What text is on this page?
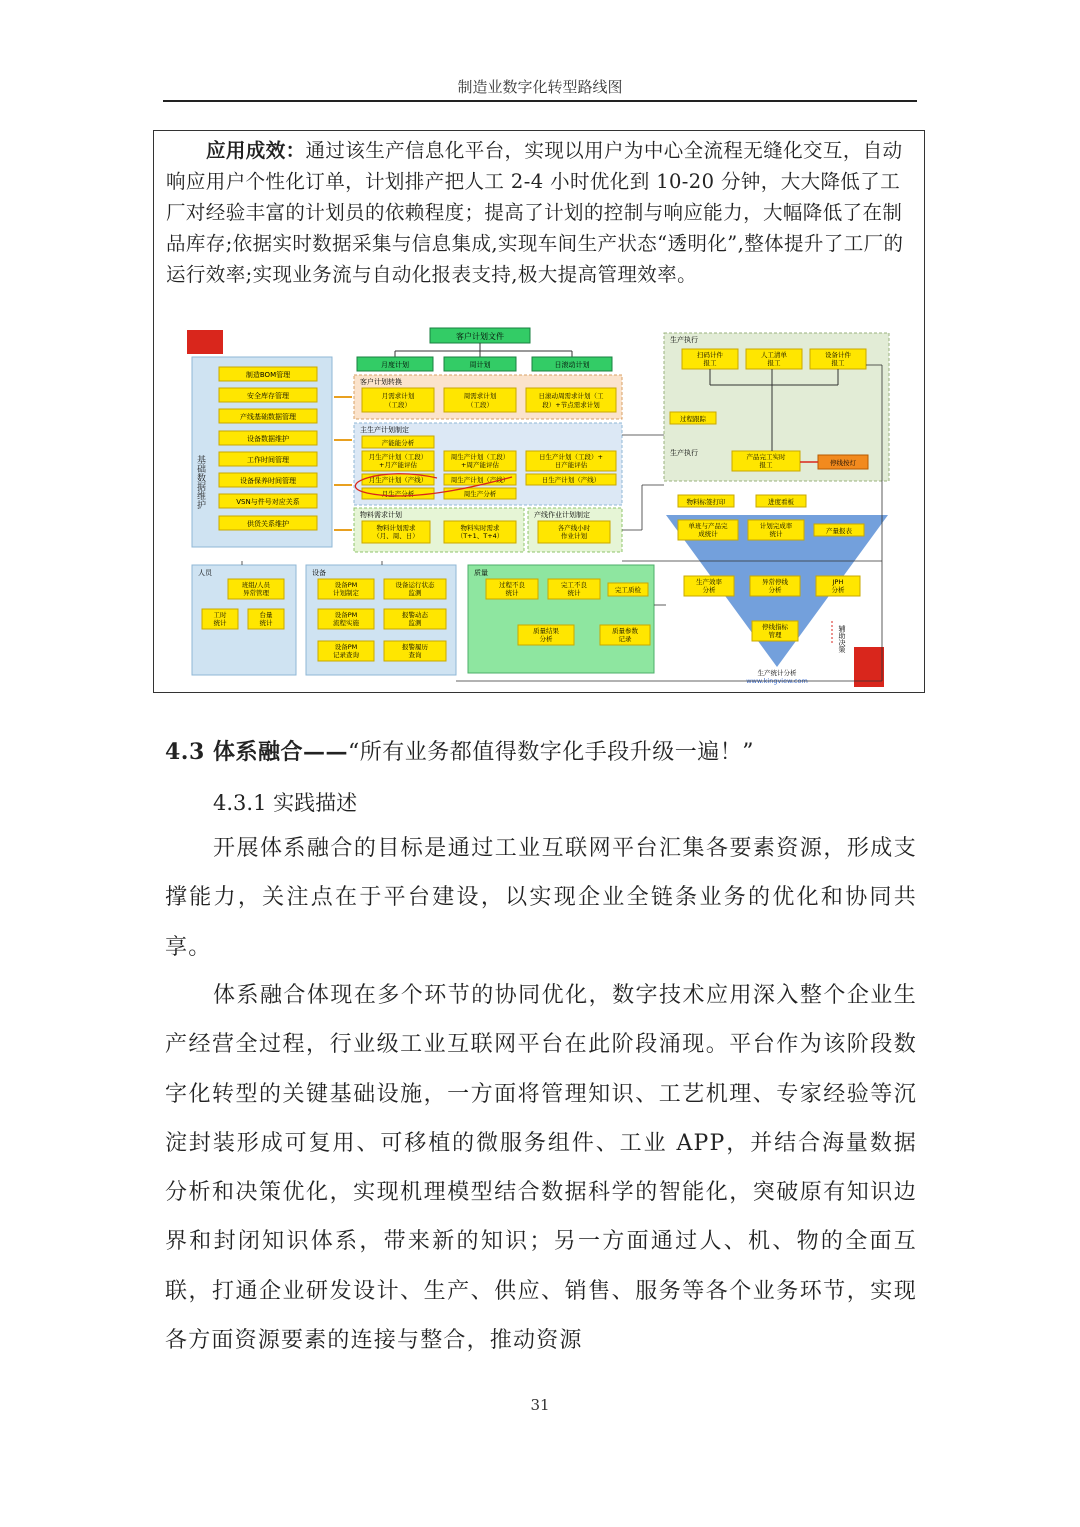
制造业数字化转型路线图

应用成效：通过该生产信息化平台，实现以用户为中心全流程无缝化交互，自动响应用户个性化订单，计划排产把人工 2-4 小时优化到 10-20 分钟，大大降低了工厂对经验丰富的计划员的依赖程度；提高了计划的控制与响应能力，大幅降低了在制品库存;依据实时数据采集与信息集成,实现车间生产状态“透明化”,整体提升了工厂的运行效率;实现业务流与自动化报表支持,极大提高管理效率。

基础数据维护
制造BOM管理
安全库存管理
产线基础数据管理
设备数据维护
工作时间管理
设备保养时间管理
VSN与件号对应关系
供货关系维护
客户计划文件
月度计划	周计划	日滚动计划
客户计划转换
月需求计划（工段）
周需求计划（工段）
日滚动周需求计划（工段）+节点需求计划
主生产计划制定
产能能分析
月生产计划（工段）+月产能评估
月生产计划（产线）
月生产分析
周生产计划（工段）+周产能评估
周生产计划（产线）
周生产分析
日生产计划（工段）+日产能评估
日生产计划（产线）
物料需求计划
物料计划需求（月、周、日）
物料实时需求（T+1、T+4）
产线作业计划制定
各产线小时作业计划
生产执行
扫码计件报工
人工清单报工
设备计件报工
过程跟踪
生产执行	产品完工实时报工	停线按灯
物料标签打印	进度看板
单班与产品完成统计
计划完成率统计	产量报表
生产效率分析
异常停线分析
JPH 分析
停线指标管理
生产统计分析
www.kingview.com
辅助决策
人员
班组/人员异常管理
工时统计
台量统计
设备
设备PM 计划制定
设备运行状态监测
设备PM 流程实施
报警动态监测
设备PM 记录查询
报警履历查询
质量
过程不良统计
完工不良统计	完工质检
质量结果分析
质量参数记录
4.3 体系融合——“所有业务都值得数字化手段升级一遍！”
4.3.1 实践描述

开展体系融合的目标是通过工业互联网平台汇集各要素资源，形成支撑能力，关注点在于平台建设，以实现企业全链条业务的优化和协同共享。

体系融合体现在多个环节的协同优化，数字技术应用深入整个企业生产经营全过程，行业级工业互联网平台在此阶段涌现。平台作为该阶段数字化转型的关键基础设施，一方面将管理知识、工艺机理、专家经验等沉淀封装形成可复用、可移植的微服务组件、工业 APP，并结合海量数据分析和决策优化，实现机理模型结合数据科学的智能化，突破原有知识边界和封闭知识体系，带来新的知识；另一方面通过人、机、物的全面互联，打通企业研发设计、生产、供应、销售、服务等各个业务环节，实现各方面资源要素的连接与整合，推动资源

31
